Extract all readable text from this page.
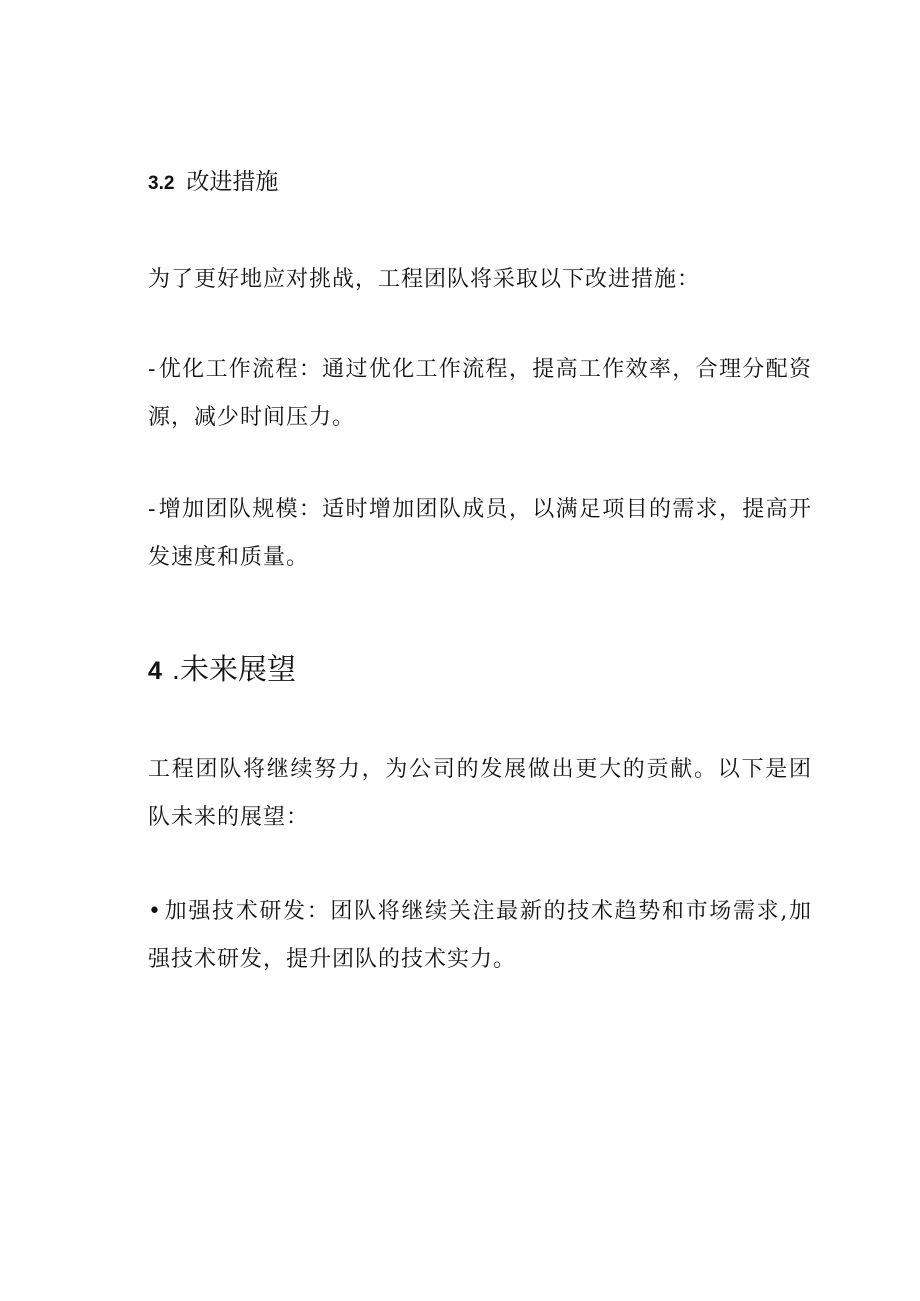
3.2 改进措施

为了更好地应对挑战，工程团队将采取以下改进措施：

-优化工作流程：通过优化工作流程，提高工作效率，合理分配资源，减少时间压力。

-增加团队规模：适时增加团队成员，以满足项目的需求，提高开发速度和质量。

4 .未来展望

工程团队将继续努力，为公司的发展做出更大的贡献。以下是团队未来的展望：

•加强技术研发：团队将继续关注最新的技术趋势和市场需求,加强技术研发，提升团队的技术实力。
